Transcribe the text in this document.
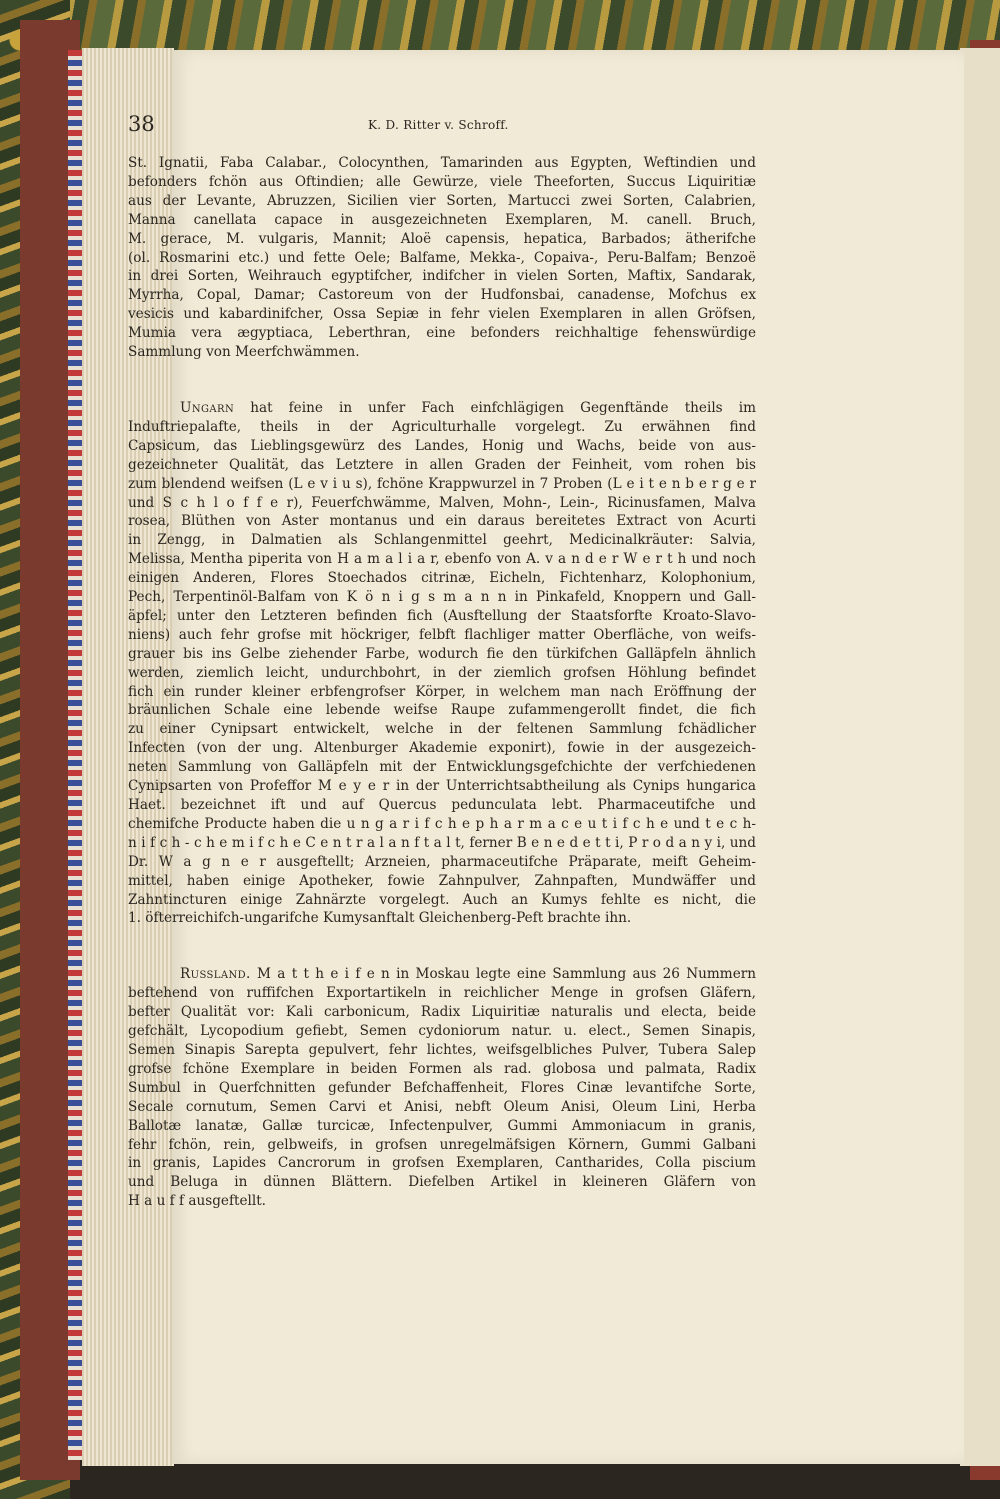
38	K. D. Ritter v. Schroff.
St. Ignatii, Faba Calabar., Colocynthen, Tamarinden aus Egypten, Weftindien und
befonders fchön aus Oftindien; alle Gewürze, viele Theeforten, Succus Liquiritiæ
aus der Levante, Abruzzen, Sicilien vier Sorten, Martucci zwei Sorten, Calabrien,
Manna canellata capace in ausgezeichneten Exemplaren, M. canell. Bruch,
M. gerace, M. vulgaris, Mannit; Aloë capensis, hepatica, Barbados; ätherifche
(ol. Rosmarini etc.) und fette Oele; Balfame, Mekka-, Copaiva-, Peru-Balfam; Benzoë
in drei Sorten, Weihrauch egyptifcher, indifcher in vielen Sorten, Maftix, Sandarak,
Myrrha, Copal, Damar; Castoreum von der Hudfonsbai, canadense, Mofchus ex
vesicis und kabardinifcher, Ossa Sepiæ in fehr vielen Exemplaren in allen Gröfsen,
Mumia vera ægyptiaca, Leberthran, eine befonders reichhaltige fehenswürdige
Sammlung von Meerfchwämmen.
Ungarn hat feine in unfer Fach einfchlägigen Gegenftände theils im
Induftriepalafte, theils in der Agriculturhalle vorgelegt. Zu erwähnen find
Capsicum, das Lieblingsgewürz des Landes, Honig und Wachs, beide von aus-
gezeichneter Qualität, das Letztere in allen Graden der Feinheit, vom rohen bis
zum blendend weifsen (L e v i u s), fchöne Krappwurzel in 7 Proben (L e i t e n b e r g e r
und S c h l o f f e r), Feuerfchwämme, Malven, Mohn-, Lein-, Ricinusfamen, Malva
rosea, Blüthen von Aster montanus und ein daraus bereitetes Extract von Acurti
in Zengg, in Dalmatien als Schlangenmittel geehrt, Medicinalkräuter: Salvia,
Melissa, Mentha piperita von H a m a l i a r, ebenfo von A. v a n d e r W e r t h und noch
einigen Anderen, Flores Stoechados citrinæ, Eicheln, Fichtenharz, Kolophonium,
Pech, Terpentinöl-Balfam von K ö n i g s m a n n in Pinkafeld, Knoppern und Gall-
äpfel; unter den Letzteren befinden fich (Ausftellung der Staatsforfte Kroato-Slavo-
niens) auch fehr grofse mit höckriger, felbft flachliger matter Oberfläche, von weifs-
grauer bis ins Gelbe ziehender Farbe, wodurch fie den türkifchen Galläpfeln ähnlich
werden, ziemlich leicht, undurchbohrt, in der ziemlich grofsen Höhlung befindet
fich ein runder kleiner erbfengrofser Körper, in welchem man nach Eröffnung der
bräunlichen Schale eine lebende weifse Raupe zufammengerollt findet, die fich
zu einer Cynipsart entwickelt, welche in der feltenen Sammlung fchädlicher
Infecten (von der ung. Altenburger Akademie exponirt), fowie in der ausgezeich-
neten Sammlung von Galläpfeln mit der Entwicklungsgefchichte der verfchiedenen
Cynipsarten von Profeffor M e y e r in der Unterrichtsabtheilung als Cynips hungarica
Haet. bezeichnet ift und auf Quercus pedunculata lebt. Pharmaceutifche und
chemifche Producte haben die u n g a r i f c h e p h a r m a c e u t i f c h e und t e c h-
n i f c h - c h e m i f c h e C e n t r a l a n f t a l t, ferner B e n e d e t t i, P r o d a n y i, und
Dr. W a g n e r ausgeftellt; Arzneien, pharmaceutifche Präparate, meift Geheim-
mittel, haben einige Apotheker, fowie Zahnpulver, Zahnpaften, Mundwäffer und
Zahntincturen einige Zahnärzte vorgelegt. Auch an Kumys fehlte es nicht, die
1. öfterreichifch-ungarifche Kumysanftalt Gleichenberg-Peft brachte ihn.
Russland. M a t t h e i f e n in Moskau legte eine Sammlung aus 26 Nummern
beftehend von ruffifchen Exportartikeln in reichlicher Menge in grofsen Gläfern,
befter Qualität vor: Kali carbonicum, Radix Liquiritiæ naturalis und electa, beide
gefchält, Lycopodium gefiebt, Semen cydoniorum natur. u. elect., Semen Sinapis,
Semen Sinapis Sarepta gepulvert, fehr lichtes, weifsgelbliches Pulver, Tubera Salep
grofse fchöne Exemplare in beiden Formen als rad. globosa und palmata, Radix
Sumbul in Querfchnitten gefunder Befchaffenheit, Flores Cinæ levantifche Sorte,
Secale cornutum, Semen Carvi et Anisi, nebft Oleum Anisi, Oleum Lini, Herba
Ballotæ lanatæ, Gallæ turcicæ, Infectenpulver, Gummi Ammoniacum in granis,
fehr fchön, rein, gelbweifs, in grofsen unregelmäfsigen Körnern, Gummi Galbani
in granis, Lapides Cancrorum in grofsen Exemplaren, Cantharides, Colla piscium
und Beluga in dünnen Blättern. Diefelben Artikel in kleineren Gläfern von
H a u f f ausgeftellt.
